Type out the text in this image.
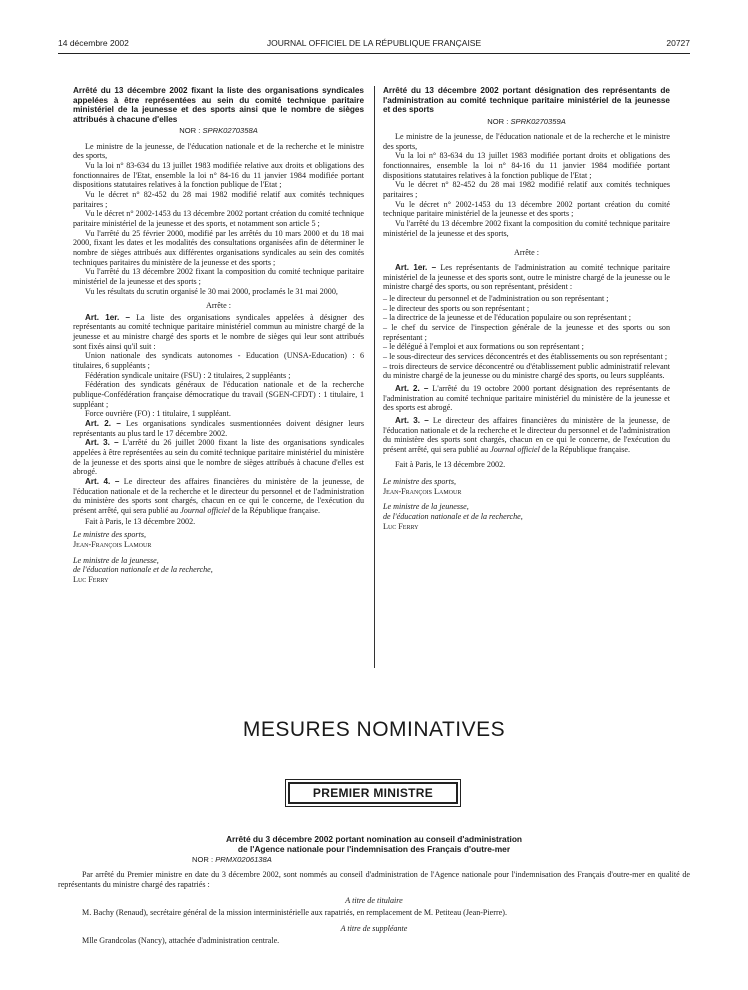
14 décembre 2002	JOURNAL OFFICIEL DE LA RÉPUBLIQUE FRANÇAISE	20727

Arrêté du 13 décembre 2002 fixant la liste des organisations syndicales appelées à être représentées au sein du comité technique paritaire ministériel de la jeunesse et des sports ainsi que le nombre de sièges attribués à chacune d'elles

NOR : SPRK0270358A

Le ministre de la jeunesse, de l'éducation nationale et de la recherche et le ministre des sports,

Vu la loi n° 83-634 du 13 juillet 1983 modifiée relative aux droits et obligations des fonctionnaires de l'Etat, ensemble la loi n° 84-16 du 11 janvier 1984 modifiée portant dispositions statutaires relatives à la fonction publique de l'Etat ;

Vu le décret n° 82-452 du 28 mai 1982 modifié relatif aux comités techniques paritaires ;

Vu le décret n° 2002-1453 du 13 décembre 2002 portant création du comité technique paritaire ministériel de la jeunesse et des sports, et notamment son article 5 ;

Vu l'arrêté du 25 février 2000, modifié par les arrêtés du 10 mars 2000 et du 18 mai 2000, fixant les dates et les modalités des consultations organisées afin de déterminer le nombre de sièges attribués aux différentes organisations syndicales au sein des comités techniques paritaires du ministère de la jeunesse et des sports ;

Vu l'arrêté du 13 décembre 2002 fixant la composition du comité technique paritaire ministériel de la jeunesse et des sports ;

Vu les résultats du scrutin organisé le 30 mai 2000, proclamés le 31 mai 2000,

Arrête :

Art. 1er. – La liste des organisations syndicales appelées à désigner des représentants au comité technique paritaire ministériel commun au ministre chargé de la jeunesse et au ministre chargé des sports et le nombre de sièges qui leur sont attribués sont fixés ainsi qu'il suit :

Union nationale des syndicats autonomes - Education (UNSA-Education) : 6 titulaires, 6 suppléants ;

Fédération syndicale unitaire (FSU) : 2 titulaires, 2 suppléants ;

Fédération des syndicats généraux de l'éducation nationale et de la recherche publique-Confédération française démocratique du travail (SGEN-CFDT) : 1 titulaire, 1 suppléant ;

Force ouvrière (FO) : 1 titulaire, 1 suppléant.

Art. 2. – Les organisations syndicales susmentionnées doivent désigner leurs représentants au plus tard le 17 décembre 2002.

Art. 3. – L'arrêté du 26 juillet 2000 fixant la liste des organisations syndicales appelées à être représentées au sein du comité technique paritaire ministériel du ministère de la jeunesse et des sports ainsi que le nombre de sièges attribués à chacune d'elles est abrogé.

Art. 4. – Le directeur des affaires financières du ministère de la jeunesse, de l'éducation nationale et de la recherche et le directeur du personnel et de l'administration du ministère des sports sont chargés, chacun en ce qui le concerne, de l'exécution du présent arrêté, qui sera publié au Journal officiel de la République française.

Fait à Paris, le 13 décembre 2002.

Le ministre des sports,
Jean-François Lamour

Le ministre de la jeunesse,
de l'éducation nationale et de la recherche,
Luc Ferry

Arrêté du 13 décembre 2002 portant désignation des représentants de l'administration au comité technique paritaire ministériel de la jeunesse et des sports

NOR : SPRK0270359A

Le ministre de la jeunesse, de l'éducation nationale et de la recherche et le ministre des sports,

Vu la loi n° 83-634 du 13 juillet 1983 modifiée portant droits et obligations des fonctionnaires, ensemble la loi n° 84-16 du 11 janvier 1984 modifiée portant dispositions statutaires relatives à la fonction publique de l'Etat ;

Vu le décret n° 82-452 du 28 mai 1982 modifié relatif aux comités techniques paritaires ;

Vu le décret n° 2002-1453 du 13 décembre 2002 portant création du comité technique paritaire ministériel de la jeunesse et des sports ;

Vu l'arrêté du 13 décembre 2002 fixant la composition du comité technique paritaire ministériel de la jeunesse et des sports,

Arrête :

Art. 1er. – Les représentants de l'administration au comité technique paritaire ministériel de la jeunesse et des sports sont, outre le ministre chargé de la jeunesse ou le ministre chargé des sports, ou son représentant, président :

– le directeur du personnel et de l'administration ou son représentant ;

– le directeur des sports ou son représentant ;

– la directrice de la jeunesse et de l'éducation populaire ou son représentant ;

– le chef du service de l'inspection générale de la jeunesse et des sports ou son représentant ;

– le délégué à l'emploi et aux formations ou son représentant ;

– le sous-directeur des services déconcentrés et des établissements ou son représentant ;

– trois directeurs de service déconcentré ou d'établissement public administratif relevant du ministre chargé de la jeunesse ou du ministre chargé des sports, ou leurs suppléants.

Art. 2. – L'arrêté du 19 octobre 2000 portant désignation des représentants de l'administration au comité technique paritaire ministériel du ministère de la jeunesse et des sports est abrogé.

Art. 3. – Le directeur des affaires financières du ministère de la jeunesse, de l'éducation nationale et de la recherche et le directeur du personnel et de l'administration du ministère des sports sont chargés, chacun en ce qui le concerne, de l'exécution du présent arrêté, qui sera publié au Journal officiel de la République française.

Fait à Paris, le 13 décembre 2002.

Le ministre des sports,
Jean-François Lamour

Le ministre de la jeunesse,
de l'éducation nationale et de la recherche,
Luc Ferry

MESURES NOMINATIVES
PREMIER MINISTRE

Arrêté du 3 décembre 2002 portant nomination au conseil d'administration

de l'Agence nationale pour l'indemnisation des Français d'outre-mer

NOR : PRMX0206138A

Par arrêté du Premier ministre en date du 3 décembre 2002, sont nommés au conseil d'administration de l'Agence nationale pour l'indemnisation des Français d'outre-mer en qualité de représentants du ministre chargé des rapatriés :

A titre de titulaire

M. Bachy (Renaud), secrétaire général de la mission interministérielle aux rapatriés, en remplacement de M. Petiteau (Jean-Pierre).

A titre de suppléante

Mlle Grandcolas (Nancy), attachée d'administration centrale.
